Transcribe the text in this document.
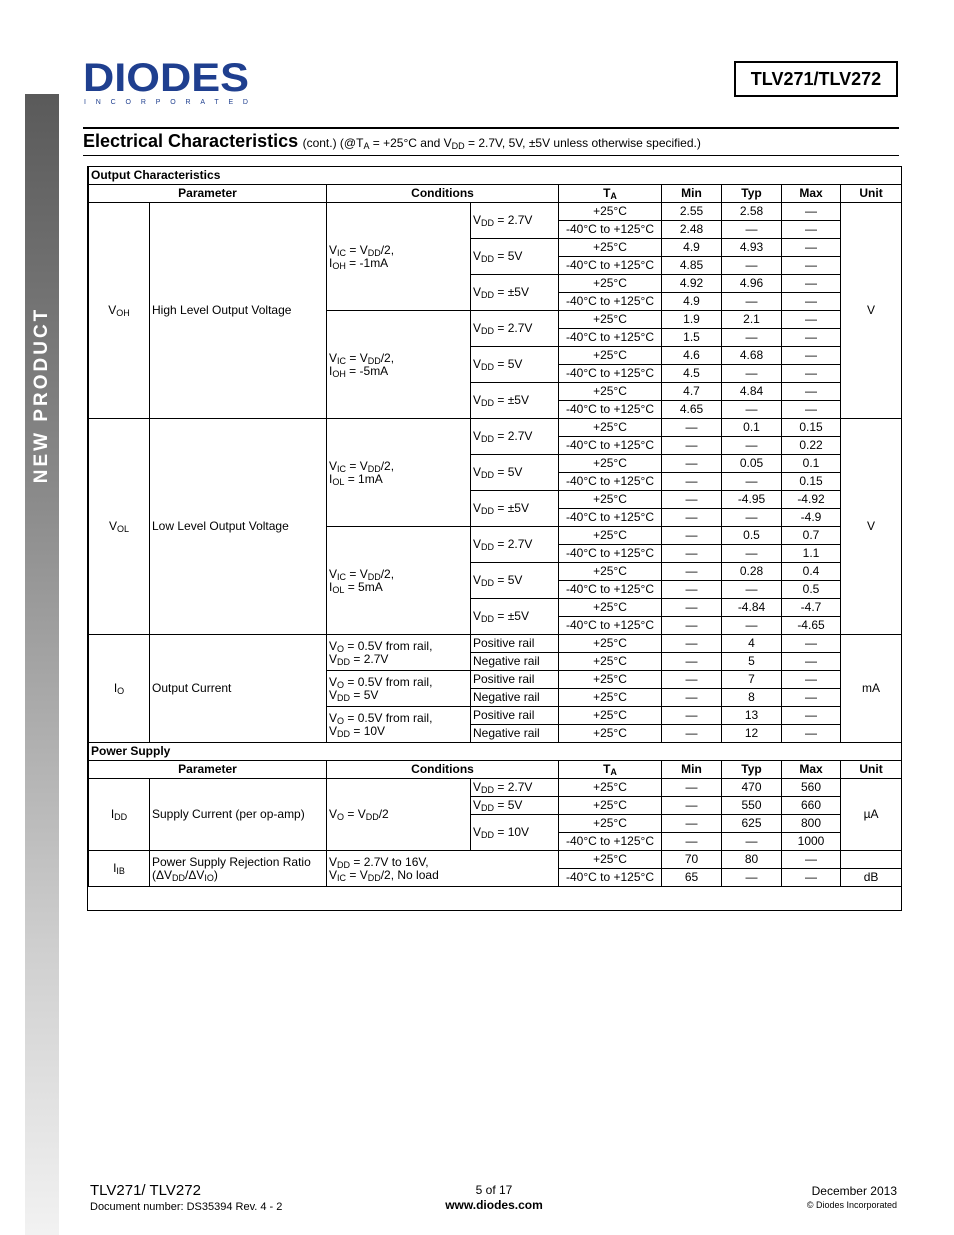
NEW PRODUCT
DIODES
INCORPORATED
TLV271/TLV272
Electrical Characteristics (cont.) ($@T_A = +25^\circ C$ and $V_{DD} = 2.7V$, 5V, ±5V unless otherwise specified.)
Output Characteristics								
Parameter		Conditions		$T_A$	Min	Typ	Max	Unit
$V_{OH}$	High Level Output Voltage	$V_{IC} = V_{DD}/2$,
$I_{OH} = -1mA$	$V_{DD} = 2.7V$	+25°C	2.55	2.58	—	V
				-40°C to +125°C	2.48	—	—	
			$V_{DD} = 5V$	+25°C	4.9	4.93	—	
				-40°C to +125°C	4.85	—	—	
			$V_{DD} = \pm 5V$	+25°C	4.92	4.96	—	
				-40°C to +125°C	4.9	—	—	
		$V_{IC} = V_{DD}/2$,
$I_{OH} = -5mA$	$V_{DD} = 2.7V$	+25°C	1.9	2.1	—	
				-40°C to +125°C	1.5	—	—	
			$V_{DD} = 5V$	+25°C	4.6	4.68	—	
				-40°C to +125°C	4.5	—	—	
			$V_{DD} = \pm 5V$	+25°C	4.7	4.84	—	
				-40°C to +125°C	4.65	—	—	
$V_{OL}$	Low Level Output Voltage	$V_{IC} = V_{DD}/2$,
$I_{OL} = 1mA$	$V_{DD} = 2.7V$	+25°C	—	0.1	0.15	V
				-40°C to +125°C	—	—	0.22	
			$V_{DD} = 5V$	+25°C	—	0.05	0.1	
				-40°C to +125°C	—	—	0.15	
			$V_{DD} = \pm 5V$	+25°C	—	-4.95	-4.92	
				-40°C to +125°C	—	—	-4.9	
		$V_{IC} = V_{DD}/2$,
$I_{OL} = 5mA$	$V_{DD} = 2.7V$	+25°C	—	0.5	0.7	
				-40°C to +125°C	—	—	1.1	
			$V_{DD} = 5V$	+25°C	—	0.28	0.4	
				-40°C to +125°C	—	—	0.5	
			$V_{DD} = \pm 5V$	+25°C	—	-4.84	-4.7	
				-40°C to +125°C	—	—	-4.65	
$I_O$	Output Current	$V_O = 0.5V$ from rail,
$V_{DD} = 2.7V$	Positive rail	+25°C	—	4	—	mA
			Negative rail	+25°C	—	5	—	
		$V_O = 0.5V$ from rail,
$V_{DD} = 5V$	Positive rail	+25°C	—	7	—	
			Negative rail	+25°C	—	8	—	
		$V_O = 0.5V$ from rail,
$V_{DD} = 10V$	Positive rail	+25°C	—	13	—	
			Negative rail	+25°C	—	12	—	
Power Supply								
Parameter		Conditions		$T_A$	Min	Typ	Max	Unit
$I_{DD}$	Supply Current (per op-amp)	$V_O = V_{DD}/2$	$V_{DD} = 2.7V$	+25°C	—	470	560	µA
			$V_{DD} = 5V$	+25°C	—	550	660	
			$V_{DD} = 10V$	+25°C	—	625	800	
				-40°C to +125°C	—	—	1000	
$I_{IB}$	Power Supply Rejection Ratio
$(\Delta V_{DD}/\Delta V_{IO})$	$V_{DD} = 2.7V$ to 16V,
$V_{IC} = V_{DD}/2$, No load		+25°C	70	80	—	
				-40°C to +125°C	65	—	—	dB
TLV271/ TLV272
Document number: DS35394 Rev. 4 - 2
5 of 17
www.diodes.com
December 2013
© Diodes Incorporated
